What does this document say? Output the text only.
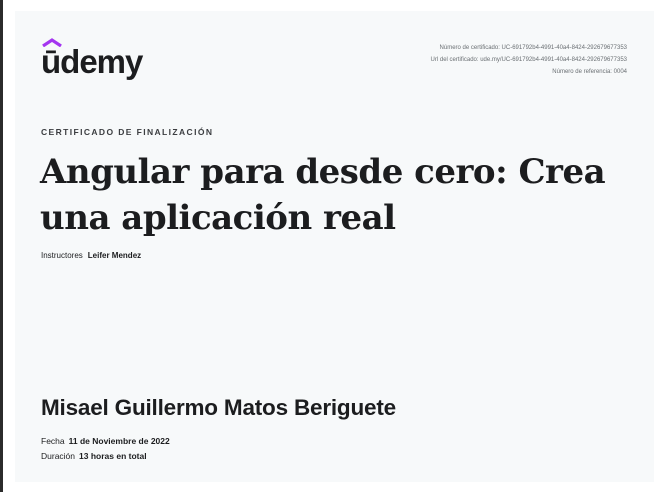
ūdemy	Número de certificado: UC-691792b4-4991-40a4-8424-292679677353
Url del certificado: ude.my/UC-691792b4-4991-40a4-8424-292679677353
Número de referencia: 0004
CERTIFICADO DE FINALIZACIÓN
Angular para desde cero: Crea una aplicación real
Instructores Leifer Mendez
Misael Guillermo Matos Beriguete
Fecha 11 de Noviembre de 2022
Duración 13 horas en total
